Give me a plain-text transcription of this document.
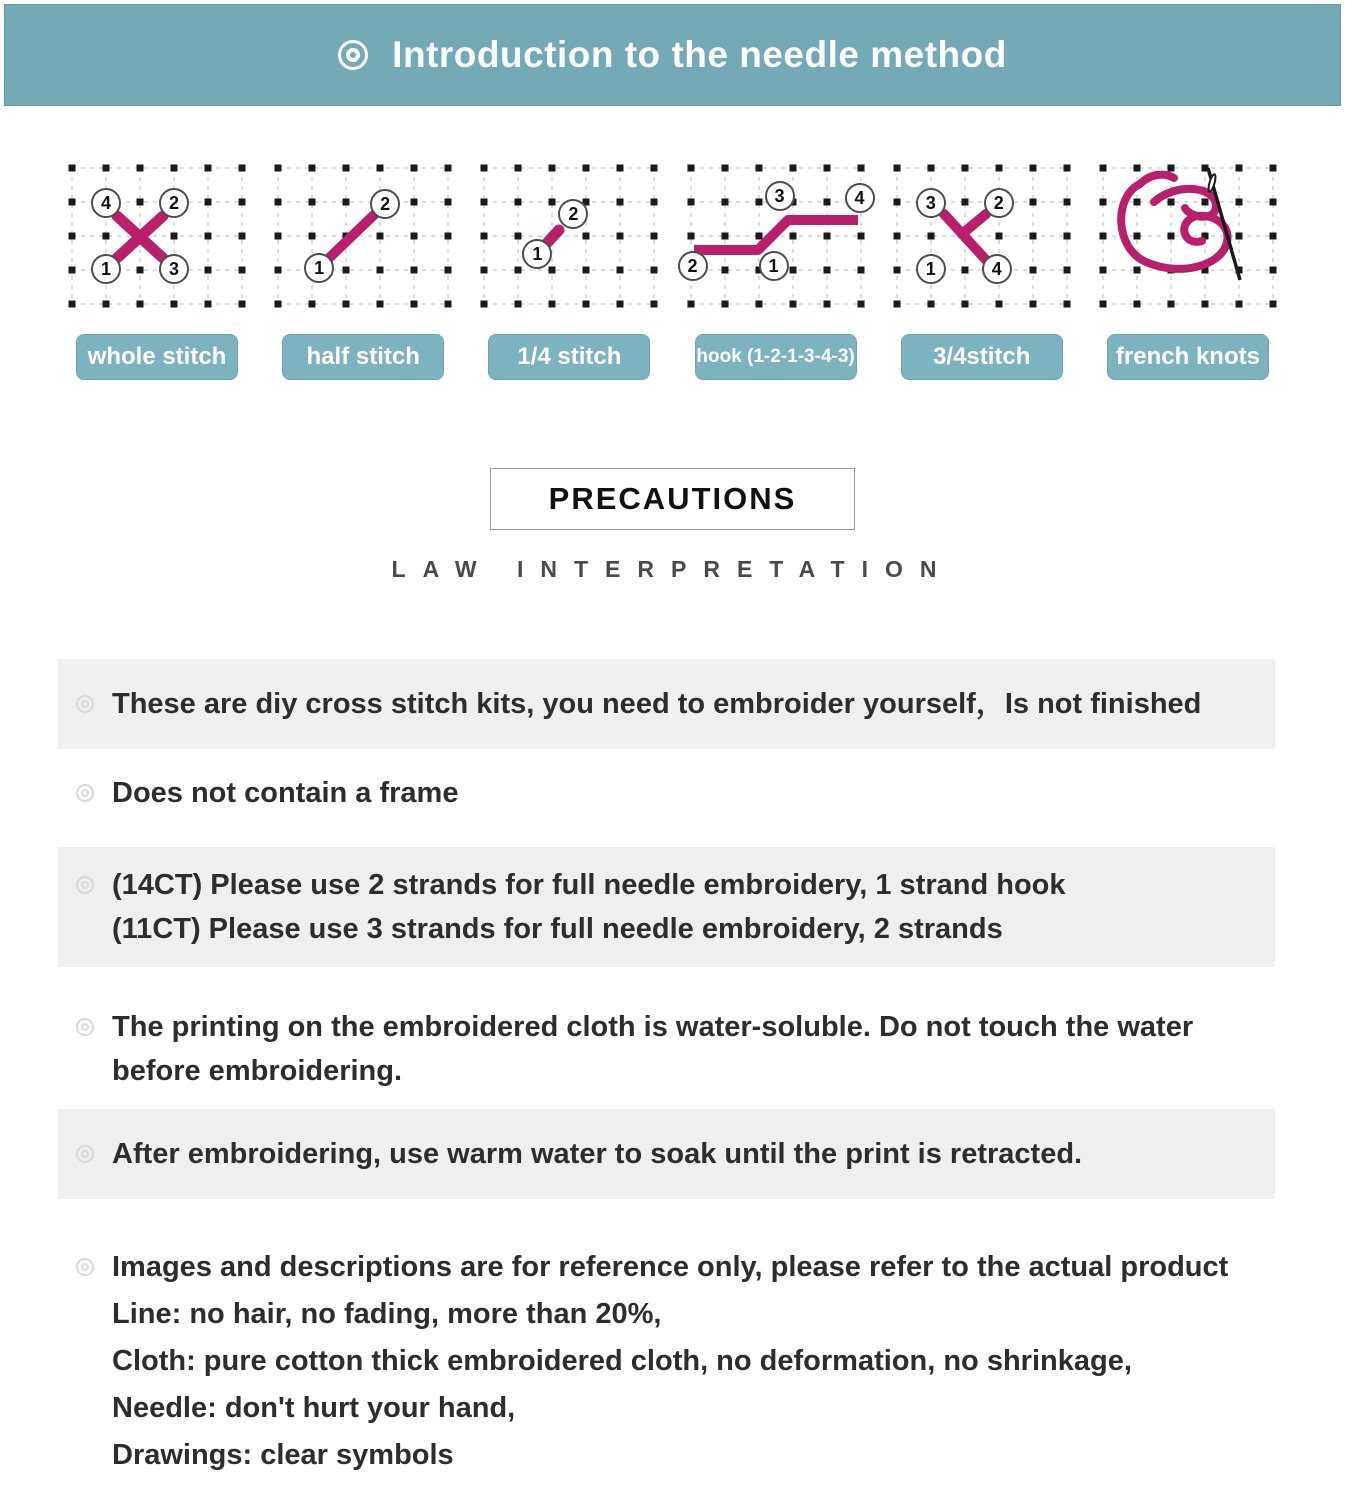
Introduction to the needle method
4	2
1	3
whole stitch
2
1
half stitch
2
1
1/4 stitch
3	4
2	1
hook (1-2-1-3-4-3)
3	2
1	4
3/4stitch	french knots
PRECAUTIONS
LAW INTERPRETATION
These are diy cross stitch kits, you need to embroider yourself，Is not finished
Does not contain a frame
(14CT) Please use 2 strands for full needle embroidery, 1 strand hook
(11CT) Please use 3 strands for full needle embroidery, 2 strands
The printing on the embroidered cloth is water-soluble. Do not touch the water
before embroidering.
After embroidering, use warm water to soak until the print is retracted.
Images and descriptions are for reference only, please refer to the actual product
Line: no hair, no fading, more than 20%,
Cloth: pure cotton thick embroidered cloth, no deformation, no shrinkage,
Needle: don't hurt your hand,
Drawings: clear symbols
